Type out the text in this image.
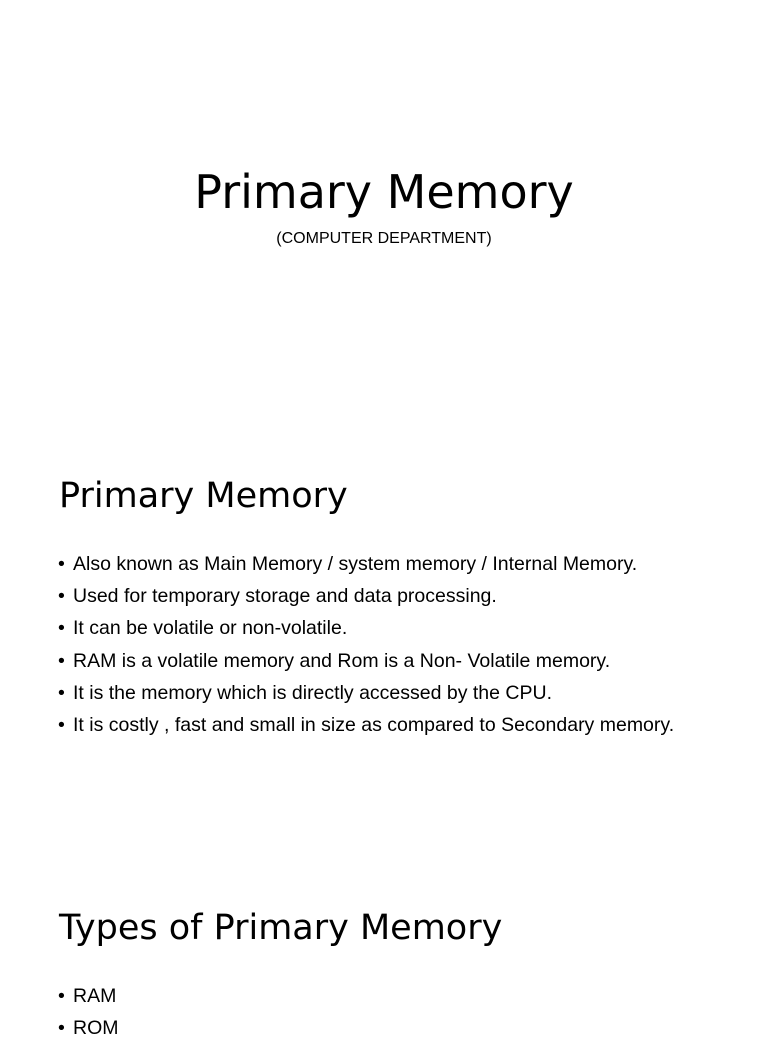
Primary Memory

(COMPUTER DEPARTMENT)

Primary Memory
• Also known as Main Memory / system memory / Internal Memory.
• Used for temporary storage and data processing.
• It can be volatile or non-volatile.
• RAM is a volatile memory and Rom is a Non- Volatile memory.
• It is the memory which is directly accessed by the CPU.
• It is costly , fast and small in size as compared to Secondary memory.
Types of Primary Memory
• RAM
• ROM
